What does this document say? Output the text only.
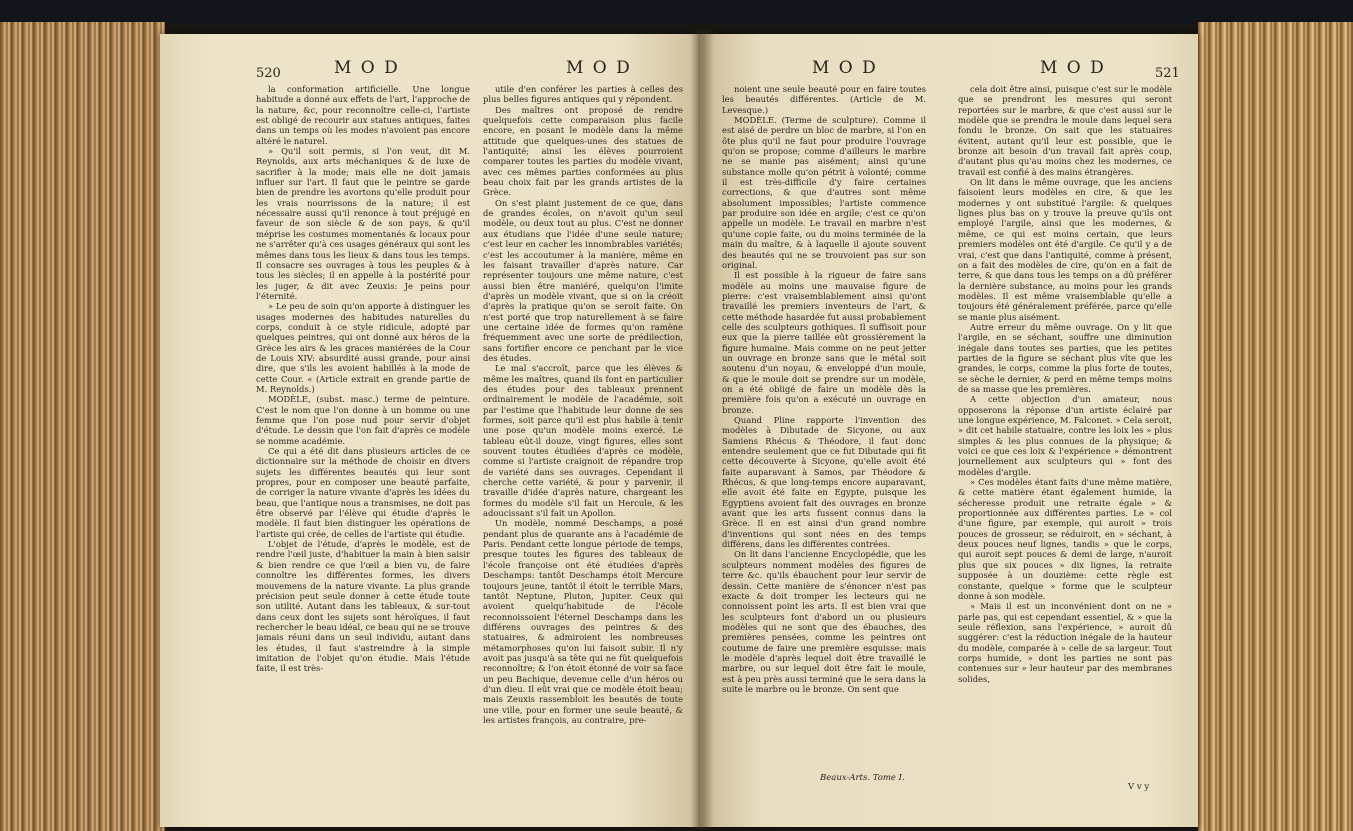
520	M O D	M O D	M O D	M O D	521

la conformation artificielle. Une longue habitude a donné aux effets de l'art, l'approche de la nature, &c, pour reconnoître celle-ci, l'artiste est obligé de recourir aux statues antiques, faites dans un temps où les modes n'avoient pas encore altéré le naturel.

» Qu'il soit permis, si l'on veut, dit M. Reynolds, aux arts méchaniques & de luxe de sacrifier à la mode; mais elle ne doit jamais influer sur l'art. Il faut que le peintre se garde bien de prendre les avortons qu'elle produit pour les vrais nourrissons de la nature; il est nécessaire aussi qu'il renonce à tout préjugé en faveur de son siècle & de son pays, & qu'il méprise les costumes momentanés & locaux pour ne s'arrêter qu'à ces usages généraux qui sont les mêmes dans tous les lieux & dans tous les temps. Il consacre ses ouvrages à tous les peuples & à tous les siècles; il en appelle à la postérité pour les juger, & dit avec Zeuxis: Je peins pour l'éternité.

» Le peu de soin qu'on apporte à distinguer les usages modernes des habitudes naturelles du corps, conduit à ce style ridicule, adopté par quelques peintres, qui ont donné aux héros de la Grèce les airs & les graces maniérées de la Cour de Louis XIV: absurdité aussi grande, pour ainsi dire, que s'ils les avoient habillés à la mode de cette Cour. « (Article extrait en grande partie de M. Reynolds.)

MODÈLE, (subst. masc.) terme de peinture. C'est le nom que l'on donne à un homme ou une femme que l'on pose nud pour servir d'objet d'étude. Le dessin que l'on fait d'après ce modèle se nomme académie.

Ce qui a été dit dans plusieurs articles de ce dictionnaire sur la méthode de choisir en divers sujets les différentes beautés qui leur sont propres, pour en composer une beauté parfaite, de corriger la nature vivante d'après les idées du beau, que l'antique nous a transmises, ne doit pas être observé par l'élève qui étudie d'après le modèle. Il faut bien distinguer les opérations de l'artiste qui crée, de celles de l'artiste qui étudie.

L'objet de l'étude, d'après le modèle, est de rendre l'œil juste, d'habituer la main à bien saisir & bien rendre ce que l'œil a bien vu, de faire connoître les différentes formes, les divers mouvemens de la nature vivante. La plus grande précision peut seule donner à cette étude toute son utilité. Autant dans les tableaux, & sur-tout dans ceux dont les sujets sont héroïques, il faut rechercher le beau idéal, ce beau qui ne se trouve jamais réuni dans un seul individu, autant dans les études, il faut s'astreindre à la simple imitation de l'objet qu'on étudie. Mais l'étude faite, il est très-

utile d'en conférer les parties à celles des plus belles figures antiques qui y répondent.

Des maîtres ont proposé de rendre quelquefois cette comparaison plus facile encore, en posant le modèle dans la même attitude que quelques-unes des statues de l'antiquité; ainsi les élèves pourroient comparer toutes les parties du modèle vivant, avec ces mêmes parties conformées au plus beau choix fait par les grands artistes de la Grèce.

On s'est plaint justement de ce que, dans de grandes écoles, on n'avoit qu'un seul modèle, ou deux tout au plus. C'est ne donner aux étudians que l'idée d'une seule nature; c'est leur en cacher les innombrables variétés; c'est les accoutumer à la manière, même en les faisant travailler d'après nature. Car représenter toujours une même nature, c'est aussi bien être maniéré, quelqu'on l'imite d'après un modèle vivant, que si on la créoit d'après la pratique qu'on se seroit faite. On n'est porté que trop naturellement à se faire une certaine idée de formes qu'on ramène fréquemment avec une sorte de prédilection, sans fortifier encore ce penchant par le vice des études.

Le mal s'accroît, parce que les élèves & même les maîtres, quand ils font en particulier des études pour des tableaux prennent ordinairement le modèle de l'académie, soit par l'estime que l'habitude leur donne de ses formes, soit parce qu'il est plus habile à tenir une pose qu'un modèle moins exercé. Le tableau eût-il douze, vingt figures, elles sont souvent toutes étudiées d'après ce modèle, comme si l'artiste craignoit de répandre trop de variété dans ses ouvrages. Cependant il cherche cette variété, & pour y parvenir, il travaille d'idée d'après nature, chargeant les formes du modèle s'il fait un Hercule, & les adoucissant s'il fait un Apollon.

Un modèle, nommé Deschamps, a posé pendant plus de quarante ans à l'académie de Paris. Pendant cette longue période de temps, presque toutes les figures des tableaux de l'école françoise ont été étudiées d'après Deschamps: tantôt Deschamps étoit Mercure toujours jeune, tantôt il étoit le terrible Mars, tantôt Neptune, Pluton, Jupiter. Ceux qui avoient quelqu'habitude de l'école reconnoissoient l'éternel Deschamps dans les différens ouvrages des peintres & des statuaires, & admiroient les nombreuses métamorphoses qu'on lui faisoit subir. Il n'y avoit pas jusqu'à sa tête qui ne fût quelquefois reconnoître; & l'on étoit étonné de voir sa face un peu Bachique, devenue celle d'un héros ou d'un dieu. Il eût vrai que ce modèle étoit beau; mais Zeuxis rassembloit les beautés de toute une ville, pour en former une seule beauté, & les artistes françois, au contraire, pre-

noient une seule beauté pour en faire toutes les beautés différentes. (Article de M. Levesque.)

MODÈLE. (Terme de sculpture). Comme il est aisé de perdre un bloc de marbre, si l'on en ôte plus qu'il ne faut pour produire l'ouvrage qu'on se propose; comme d'ailleurs le marbre ne se manie pas aisément; ainsi qu'une substance molle qu'on pétrit à volonté; comme il est très-difficile d'y faire certaines corrections, & que d'autres sont même absolument impossibles; l'artiste commence par produire son idée en argile; c'est ce qu'on appelle un modèle. Le travail en marbre n'est qu'une copie faite, ou du moins terminée de la main du maître, & à laquelle il ajoute souvent des beautés qui ne se trouvoient pas sur son original.

Il est possible à la rigueur de faire sans modèle au moins une mauvaise figure de pierre: c'est vraisemblablement ainsi qu'ont travaillé les premiers inventeurs de l'art, & cette méthode hasardée fut aussi probablement celle des sculpteurs gothiques. Il suffisoit pour eux que la pierre taillée eût grossièrement la figure humaine. Mais comme on ne peut jetter un ouvrage en bronze sans que le métal soit soutenu d'un noyau, & enveloppé d'un moule, & que le moule doit se prendre sur un modèle, on a été obligé de faire un modèle dès la première fois qu'on a exécuté un ouvrage en bronze.

Quand Pline rapporte l'invention des modèles à Dibutade de Sicyone, ou aux Samiens Rhécus & Théodore, il faut donc entendre seulement que ce fut Dibutade qui fit cette découverte à Sicyone, qu'elle avoit été faite auparavant à Samos, par Théodore & Rhécus, & que long-temps encore auparavant, elle avoit été faite en Egypte, puisque les Egyptiens avoient fait des ouvrages en bronze avant que les arts fussent connus dans la Grèce. Il en est ainsi d'un grand nombre d'inventions qui sont nées en des temps différens, dans les différentes contrées.

On lit dans l'ancienne Encyclopédie, que les sculpteurs nomment modèles des figures de terre &c. qu'ils ébauchent pour leur servir de dessin. Cette manière de s'énoncer n'est pas exacte & doit tromper les lecteurs qui ne connoissent point les arts. Il est bien vrai que les sculpteurs font d'abord un ou plusieurs modèles qui ne sont que des ébauches, des premières pensées, comme les peintres ont coutume de faire une première esquisse: mais le modèle d'après lequel doit être travaillé le marbre, ou sur lequel doit être fait le moule, est à peu près aussi terminé que le sera dans la suite le marbre ou le bronze. On sent que

cela doit être ainsi, puisque c'est sur le modèle que se prendront les mesures qui seront reportées sur le marbre, & que c'est aussi sur le modèle que se prendra le moule dans lequel sera fondu le bronze. On sait que les statuaires évitent, autant qu'il leur est possible, que le bronze ait besoin d'un travail fait après coup, d'autant plus qu'au moins chez les modernes, ce travail est confié à des mains étrangères.

On lit dans le même ouvrage, que les anciens faisoient leurs modèles en cire, & que les modernes y ont substitué l'argile: & quelques lignes plus bas on y trouve la preuve qu'ils ont employé l'argile, ainsi que les modernes, & même, ce qui est moins certain, que leurs premiers modèles ont été d'argile. Ce qu'il y a de vrai, c'est que dans l'antiquité, comme à présent, on a fait des modèles de cire, qu'on en a fait de terre, & que dans tous les temps on a dû préférer la dernière substance, au moins pour les grands modèles. Il est même vraisemblable qu'elle a toujours été généralement préférée, parce qu'elle se manie plus aisément.

Autre erreur du même ouvrage. On y lit que l'argile, en se séchant, souffre une diminution inégale dans toutes ses parties, que les petites parties de la figure se séchant plus vîte que les grandes, le corps, comme la plus forte de toutes, se sèche le dernier, & perd en même temps moins de sa masse que les premières.

A cette objection d'un amateur, nous opposerons la réponse d'un artiste éclairé par une longue expérience, M. Falconet. » Cela seroit, » dit cet habile statuaire, contre les loix les » plus simples & les plus connues de la physique; & voici ce que ces loix & l'expérience » démontrent journellement aux sculpteurs qui » font des modèles d'argile.

» Ces modèles étant faits d'une même matière, & cette matière étant également humide, la sécheresse produit une retraite égale » & proportionnée aux différentes parties. Le » col d'une figure, par exemple, qui auroit » trois pouces de grosseur, se réduiroit, en » séchant, à deux pouces neuf lignes, tandis » que le corps, qui auroit sept pouces & demi de large, n'auroit plus que six pouces » dix lignes, la retraite supposée à un douzième: cette règle est constante, quelque » forme que le sculpteur donne à son modèle.

» Mais il est un inconvénient dont on ne » parle pas, qui est cependant essentiel, & » que la seule réflexion, sans l'expérience, » auroit dû suggérer: c'est la réduction inégale de la hauteur du modèle, comparée à » celle de sa largeur. Tout corps humide, » dont les parties ne sont pas contenues sur » leur hauteur par des membranes solides,

Beaux-Arts. Tome I.
V v y
